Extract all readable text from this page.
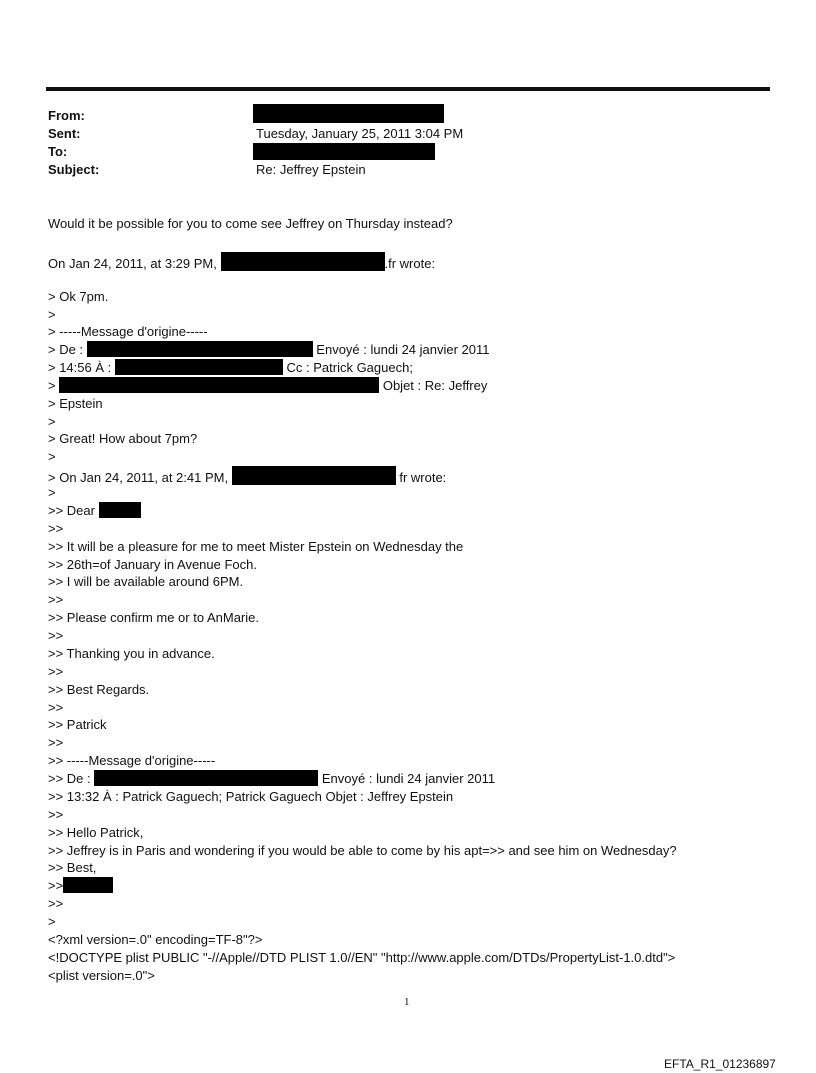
From:
Sent:	Tuesday, January 25, 2011 3:04 PM
To:
Subject:	Re: Jeffrey Epstein
Would it be possible for you to come see Jeffrey on Thursday instead?
On Jan 24, 2011, at 3:29 PM,	.fr wrote:
> Ok 7pm.
>
> -----Message d'origine-----
> De :	Envoyé : lundi 24 janvier 2011
> 14:56 À :	Cc : Patrick Gaguech;
>	Objet : Re: Jeffrey
> Epstein
>
> Great! How about 7pm?
>
> On Jan 24, 2011, at 2:41 PM,	fr wrote:
>
>> Dear
>>
>> It will be a pleasure for me to meet Mister Epstein on Wednesday the
>> 26th=of January in Avenue Foch.
>> I will be available around 6PM.
>>
>> Please confirm me or to AnMarie.
>>
>> Thanking you in advance.
>>
>> Best Regards.
>>
>> Patrick
>>
>> -----Message d'origine-----
>> De :	Envoyé : lundi 24 janvier 2011
>> 13:32 À : Patrick Gaguech; Patrick Gaguech Objet : Jeffrey Epstein
>>
>> Hello Patrick,
>> Jeffrey is in Paris and wondering if you would be able to come by his apt=>> and see him on Wednesday?
>> Best,
>>
>>
>
<?xml version=.0" encoding=TF-8"?>
<!DOCTYPE plist PUBLIC "-//Apple//DTD PLIST 1.0//EN" "http://www.apple.com/DTDs/PropertyList-1.0.dtd">
<plist version=.0">
1
EFTA_R1_01236897
